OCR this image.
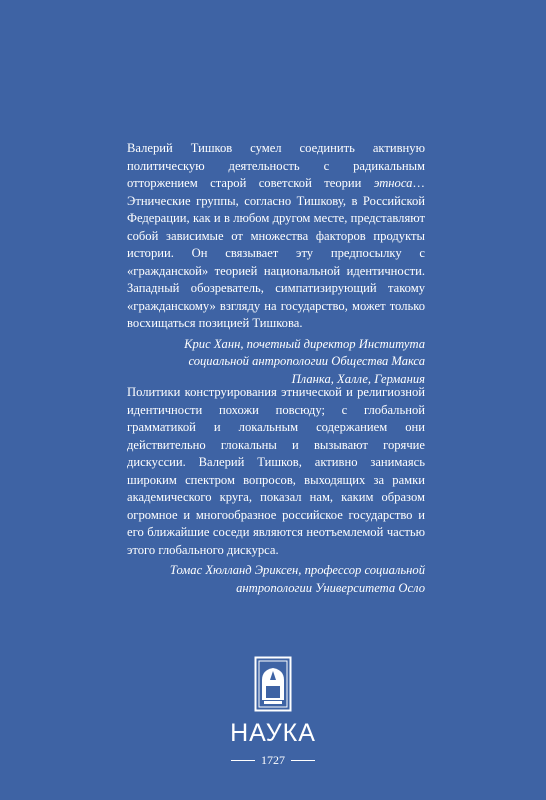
Валерий Тишков сумел соединить активную политическую деятельность с радикальным отторжением старой советской теории этноса… Этнические группы, согласно Тишкову, в Российской Федерации, как и в любом другом месте, представляют собой зависимые от множества факторов продукты истории. Он связывает эту предпосылку с «гражданской» теорией национальной идентичности. Западный обозреватель, симпатизирующий такому «гражданскому» взгляду на государство, может только восхищаться позицией Тишкова.

Крис Ханн, почетный директор Института
социальной антропологии Общества Макса
Планка, Халле, Германия

Политики конструирования этнической и религиозной идентичности похожи повсюду; с глобальной грамматикой и локальным содержанием они действительно глокальны и вызывают горячие дискуссии. Валерий Тишков, активно занимаясь широким спектром вопросов, выходящих за рамки академического круга, показал нам, каким образом огромное и многообразное российское государство и его ближайшие соседи являются неотъемлемой частью этого глобального дискурса.

Томас Хюлланд Эриксен, профессор социальной
антропологии Университета Осло
НАУКА
1727
